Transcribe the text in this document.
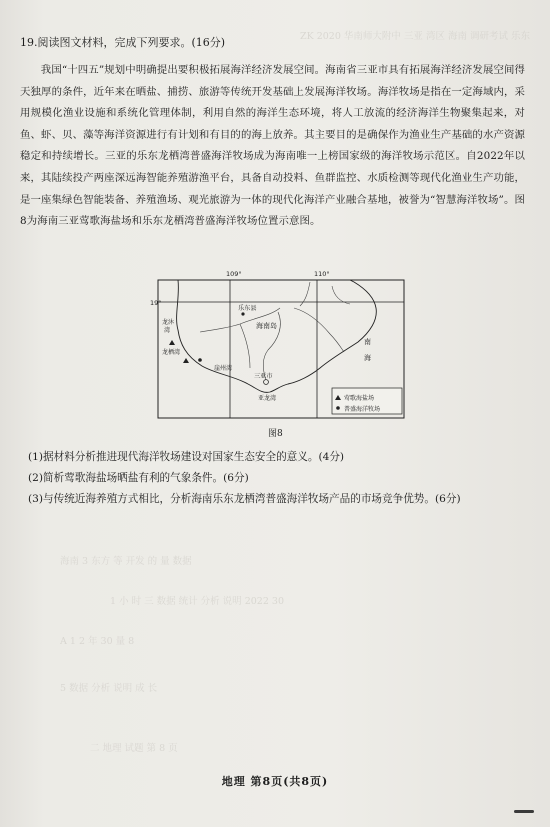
ZK 2020 华南师大附中 三亚 湾区 海南 调研考试 乐东
海南 3 东方 等 开发 的 量 数据
1 小 时 三 数据 统计 分析 说明 2022 30
A 1 2 年 30 量 8
5 数据 分析 说明 成 长
二 地理 试题 第 8 页
19.阅读图文材料，完成下列要求。(16分)
我国“十四五”规划中明确提出要积极拓展海洋经济发展空间。海南省三亚市具有拓展海洋经济发展空间得天独厚的条件，近年来在晒盐、捕捞、旅游等传统开发基础上发展海洋牧场。海洋牧场是指在一定海域内，采用规模化渔业设施和系统化管理体制，利用自然的海洋生态环境，将人工放流的经济海洋生物聚集起来，对鱼、虾、贝、藻等海洋资源进行有计划和有目的的海上放养。其主要目的是确保作为渔业生产基础的水产资源稳定和持续增长。三亚的乐东龙栖湾普盛海洋牧场成为海南唯一上榜国家级的海洋牧场示范区。自2022年以来，其陆续投产两座深远海智能养殖游渔平台，具备自动投料、鱼群监控、水质检测等现代化渔业生产功能，是一座集绿色智能装备、养殖渔场、观光旅游为一体的现代化海洋产业融合基地，被誉为“智慧海洋牧场”。图8为海南三亚莺歌海盐场和乐东龙栖湾普盛海洋牧场位置示意图。
109°	110°
19°
乐东县
海南岛
龙沐
湾
龙栖湾
崖州湾
三亚市
亚龙湾
南
海
莺歌海盐场
普盛海洋牧场
图8
(1)据材料分析推进现代海洋牧场建设对国家生态安全的意义。(4分)
(2)简析莺歌海盐场晒盐有利的气象条件。(6分)
(3)与传统近海养殖方式相比，分析海南乐东龙栖湾普盛海洋牧场产品的市场竞争优势。(6分)
地理 第8页(共8页)
